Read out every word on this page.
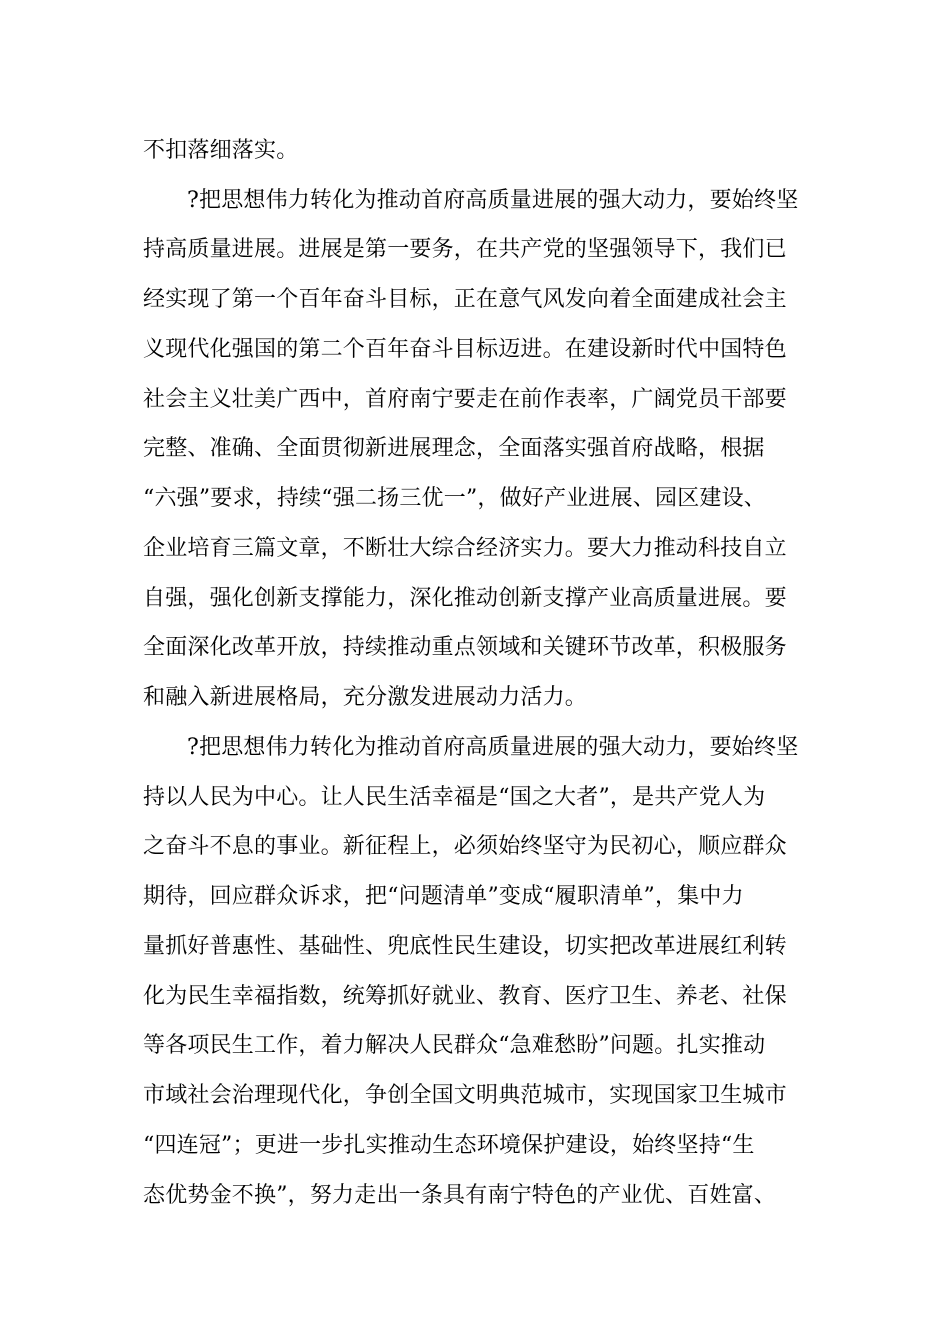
不扣落细落实。
?把思想伟力转化为推动首府高质量进展的强大动力，要始终坚
持高质量进展。进展是第一要务，在共产党的坚强领导下，我们已
经实现了第一个百年奋斗目标，正在意气风发向着全面建成社会主
义现代化强国的第二个百年奋斗目标迈进。在建设新时代中国特色
社会主义壮美广西中，首府南宁要走在前作表率，广阔党员干部要
完整、准确、全面贯彻新进展理念，全面落实强首府战略，根据
“六强”要求，持续“强二扬三优一”，做好产业进展、园区建设、
企业培育三篇文章，不断壮大综合经济实力。要大力推动科技自立
自强，强化创新支撑能力，深化推动创新支撑产业高质量进展。要
全面深化改革开放，持续推动重点领域和关键环节改革，积极服务
和融入新进展格局，充分激发进展动力活力。
?把思想伟力转化为推动首府高质量进展的强大动力，要始终坚
持以人民为中心。让人民生活幸福是“国之大者”，是共产党人为
之奋斗不息的事业。新征程上，必须始终坚守为民初心，顺应群众
期待，回应群众诉求，把“问题清单”变成“履职清单”，集中力
量抓好普惠性、基础性、兜底性民生建设，切实把改革进展红利转
化为民生幸福指数，统筹抓好就业、教育、医疗卫生、养老、社保
等各项民生工作，着力解决人民群众“急难愁盼”问题。扎实推动
市域社会治理现代化，争创全国文明典范城市，实现国家卫生城市
“四连冠”；更进一步扎实推动生态环境保护建设，始终坚持“生
态优势金不换”，努力走出一条具有南宁特色的产业优、百姓富、
